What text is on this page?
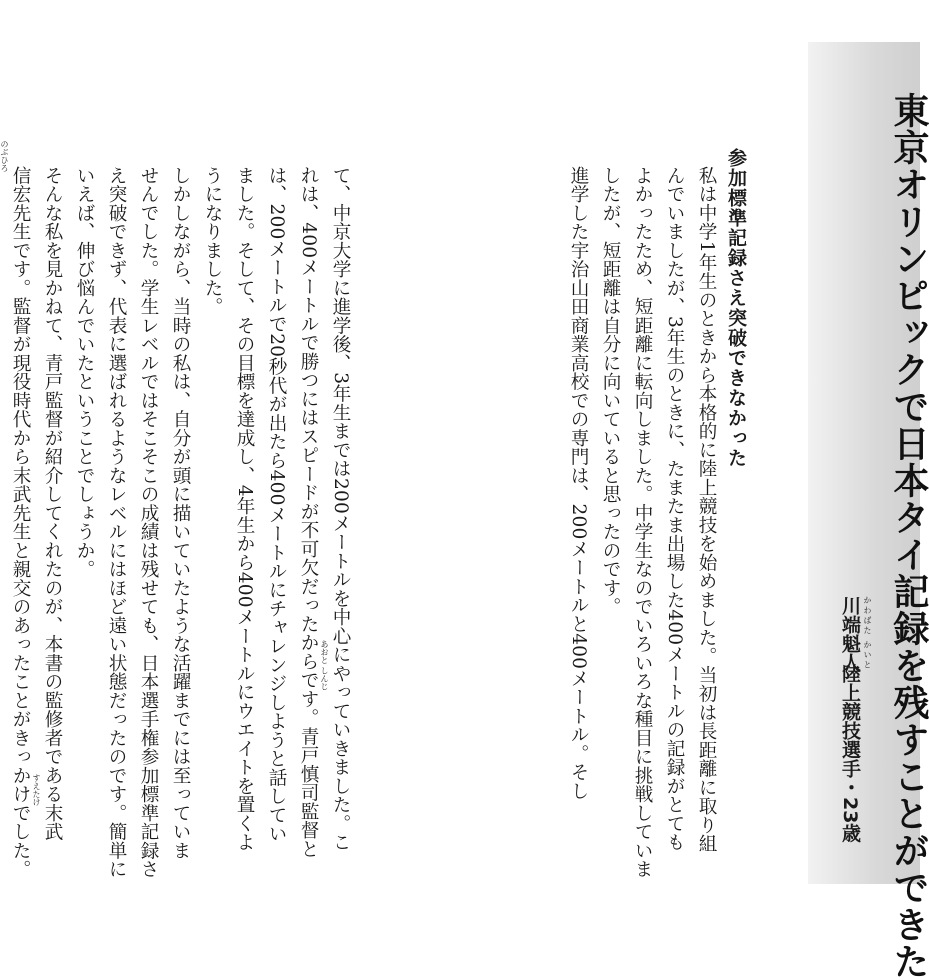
東京オリンピックで日本タイ記録を残すことができた
かわばた かいと
川端魁人
陸上競技選手・23歳
参加標準記録さえ突破できなかった
私は中学1年生のときから本格的に陸上競技を始めました。当初は長距離に取り組
んでいましたが、3年生のときに、たまたま出場した400メートルの記録がとても
よかったため、短距離に転向しました。中学生なのでいろいろな種目に挑戦していま
したが、短距離は自分に向いていると思ったのです。
進学した宇治山田商業高校での専門は、200メートルと400メートル。そし
て、中京大学に進学後、3年生までは200メートルを中心にやっていきました。こ
れは、400メートルで勝つにはスピードが不可欠だったからです。青戸慎司監督と
は、200メートルで20秒代が出たら400メートルにチャレンジしようと話してい
ました。そして、その目標を達成し、4年生から400メートルにウエイトを置くよ
うになりました。
しかしながら、当時の私は、自分が頭に描いていたような活躍までには至っていま
せんでした。学生レベルではそこそこの成績は残せても、日本選手権参加標準記録さ
え突破できず、代表に選ばれるようなレベルにはほど遠い状態だったのです。簡単に
いえば、伸び悩んでいたということでしょうか。
そんな私を見かねて、青戸監督が紹介してくれたのが、本書の監修者である末武
信宏先生です。監督が現役時代から末武先生と親交のあったことがきっかけでした。	あおと しんじ
すえたけ
のぶひろ
